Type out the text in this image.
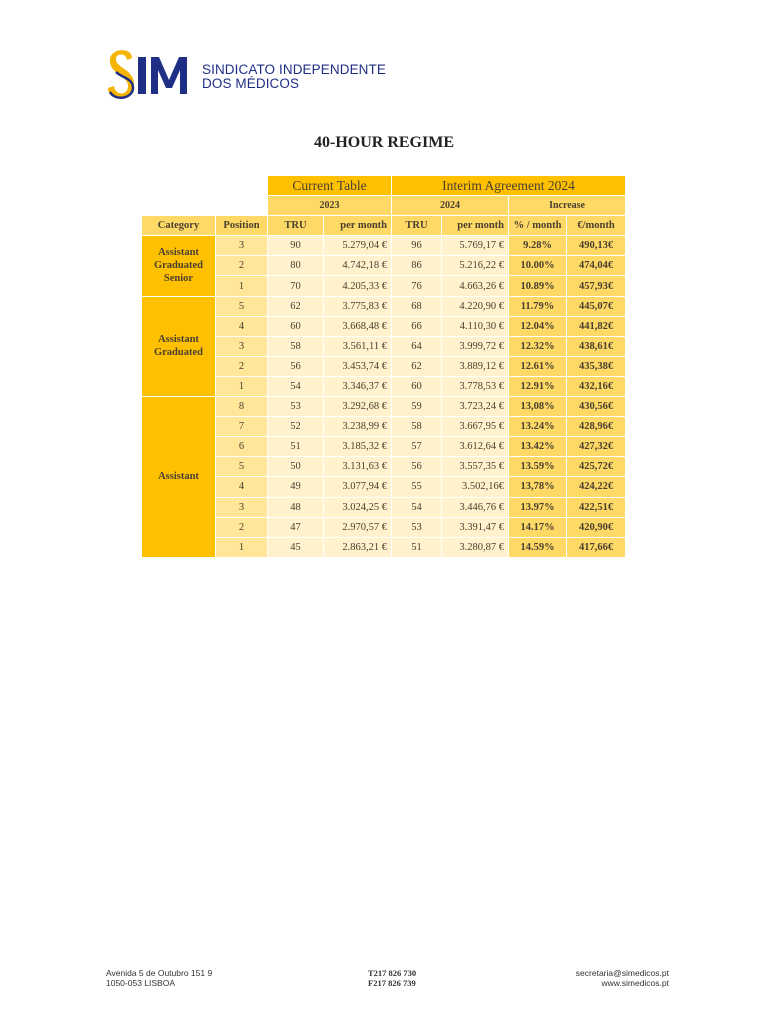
SINDICATO INDEPENDENTE
DOS MÉDICOS
40-HOUR REGIME
		Current Table		Interim Agreement 2024			
		2023		2024		Increase	
Category	Position	TRU	per month	TRU	per month	% / month	€/month
Assistant Graduated Senior	3	90	5.279,04 €	96	5.769,17 €	9.28%	490,13€
	2	80	4.742,18 €	86	5.216,22 €	10.00%	474,04€
	1	70	4.205,33 €	76	4.663,26 €	10.89%	457,93€
Assistant Graduated	5	62	3.775,83 €	68	4.220,90 €	11.79%	445,07€
	4	60	3.668,48 €	66	4.110,30 €	12.04%	441,82€
	3	58	3.561,11 €	64	3.999,72 €	12.32%	438,61€
	2	56	3.453,74 €	62	3.889,12 €	12.61%	435,38€
	1	54	3.346,37 €	60	3.778,53 €	12.91%	432,16€
Assistant	8	53	3.292,68 €	59	3.723,24 €	13,08%	430,56€
	7	52	3.238,99 €	58	3.667,95 €	13.24%	428,96€
	6	51	3.185,32 €	57	3.612,64 €	13.42%	427,32€
	5	50	3.131,63 €	56	3.557,35 €	13.59%	425,72€
	4	49	3.077,94 €	55	3.502,16€	13,78%	424,22€
	3	48	3.024,25 €	54	3.446,76 €	13.97%	422,51€
	2	47	2.970,57 €	53	3.391,47 €	14.17%	420,90€
	1	45	2.863,21 €	51	3.280,87 €	14.59%	417,66€
Avenida 5 de Outubro 151 9
1050-053 LISBOA
T217 826 730
F217 826 739
secretaria@simedicos.pt
www.simedicos.pt
